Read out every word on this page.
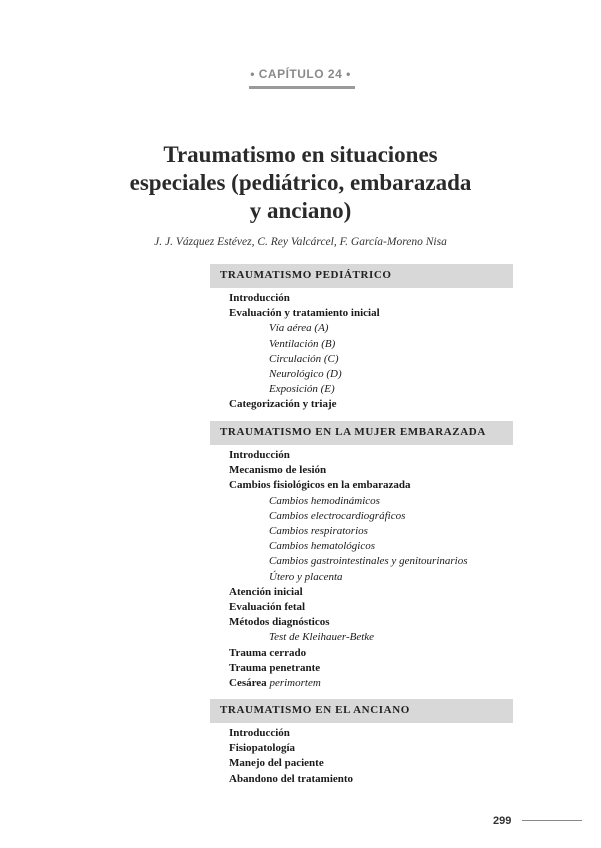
• CAPÍTULO 24 •
Traumatismo en situaciones
especiales (pediátrico, embarazada
y anciano)
J. J. Vázquez Estévez, C. Rey Valcárcel, F. García-Moreno Nisa
TRAUMATISMO PEDIÁTRICO
Introducción
Evaluación y tratamiento inicial
Vía aérea (A)
Ventilación (B)
Circulación (C)
Neurológico (D)
Exposición (E)
Categorización y triaje
TRAUMATISMO EN LA MUJER EMBARAZADA
Introducción
Mecanismo de lesión
Cambios fisiológicos en la embarazada
Cambios hemodinámicos
Cambios electrocardiográficos
Cambios respiratorios
Cambios hematológicos
Cambios gastrointestinales y genitourinarios
Útero y placenta
Atención inicial
Evaluación fetal
Métodos diagnósticos
Test de Kleihauer-Betke
Trauma cerrado
Trauma penetrante
Cesárea perimortem
TRAUMATISMO EN EL ANCIANO
Introducción
Fisiopatología
Manejo del paciente
Abandono del tratamiento
299
